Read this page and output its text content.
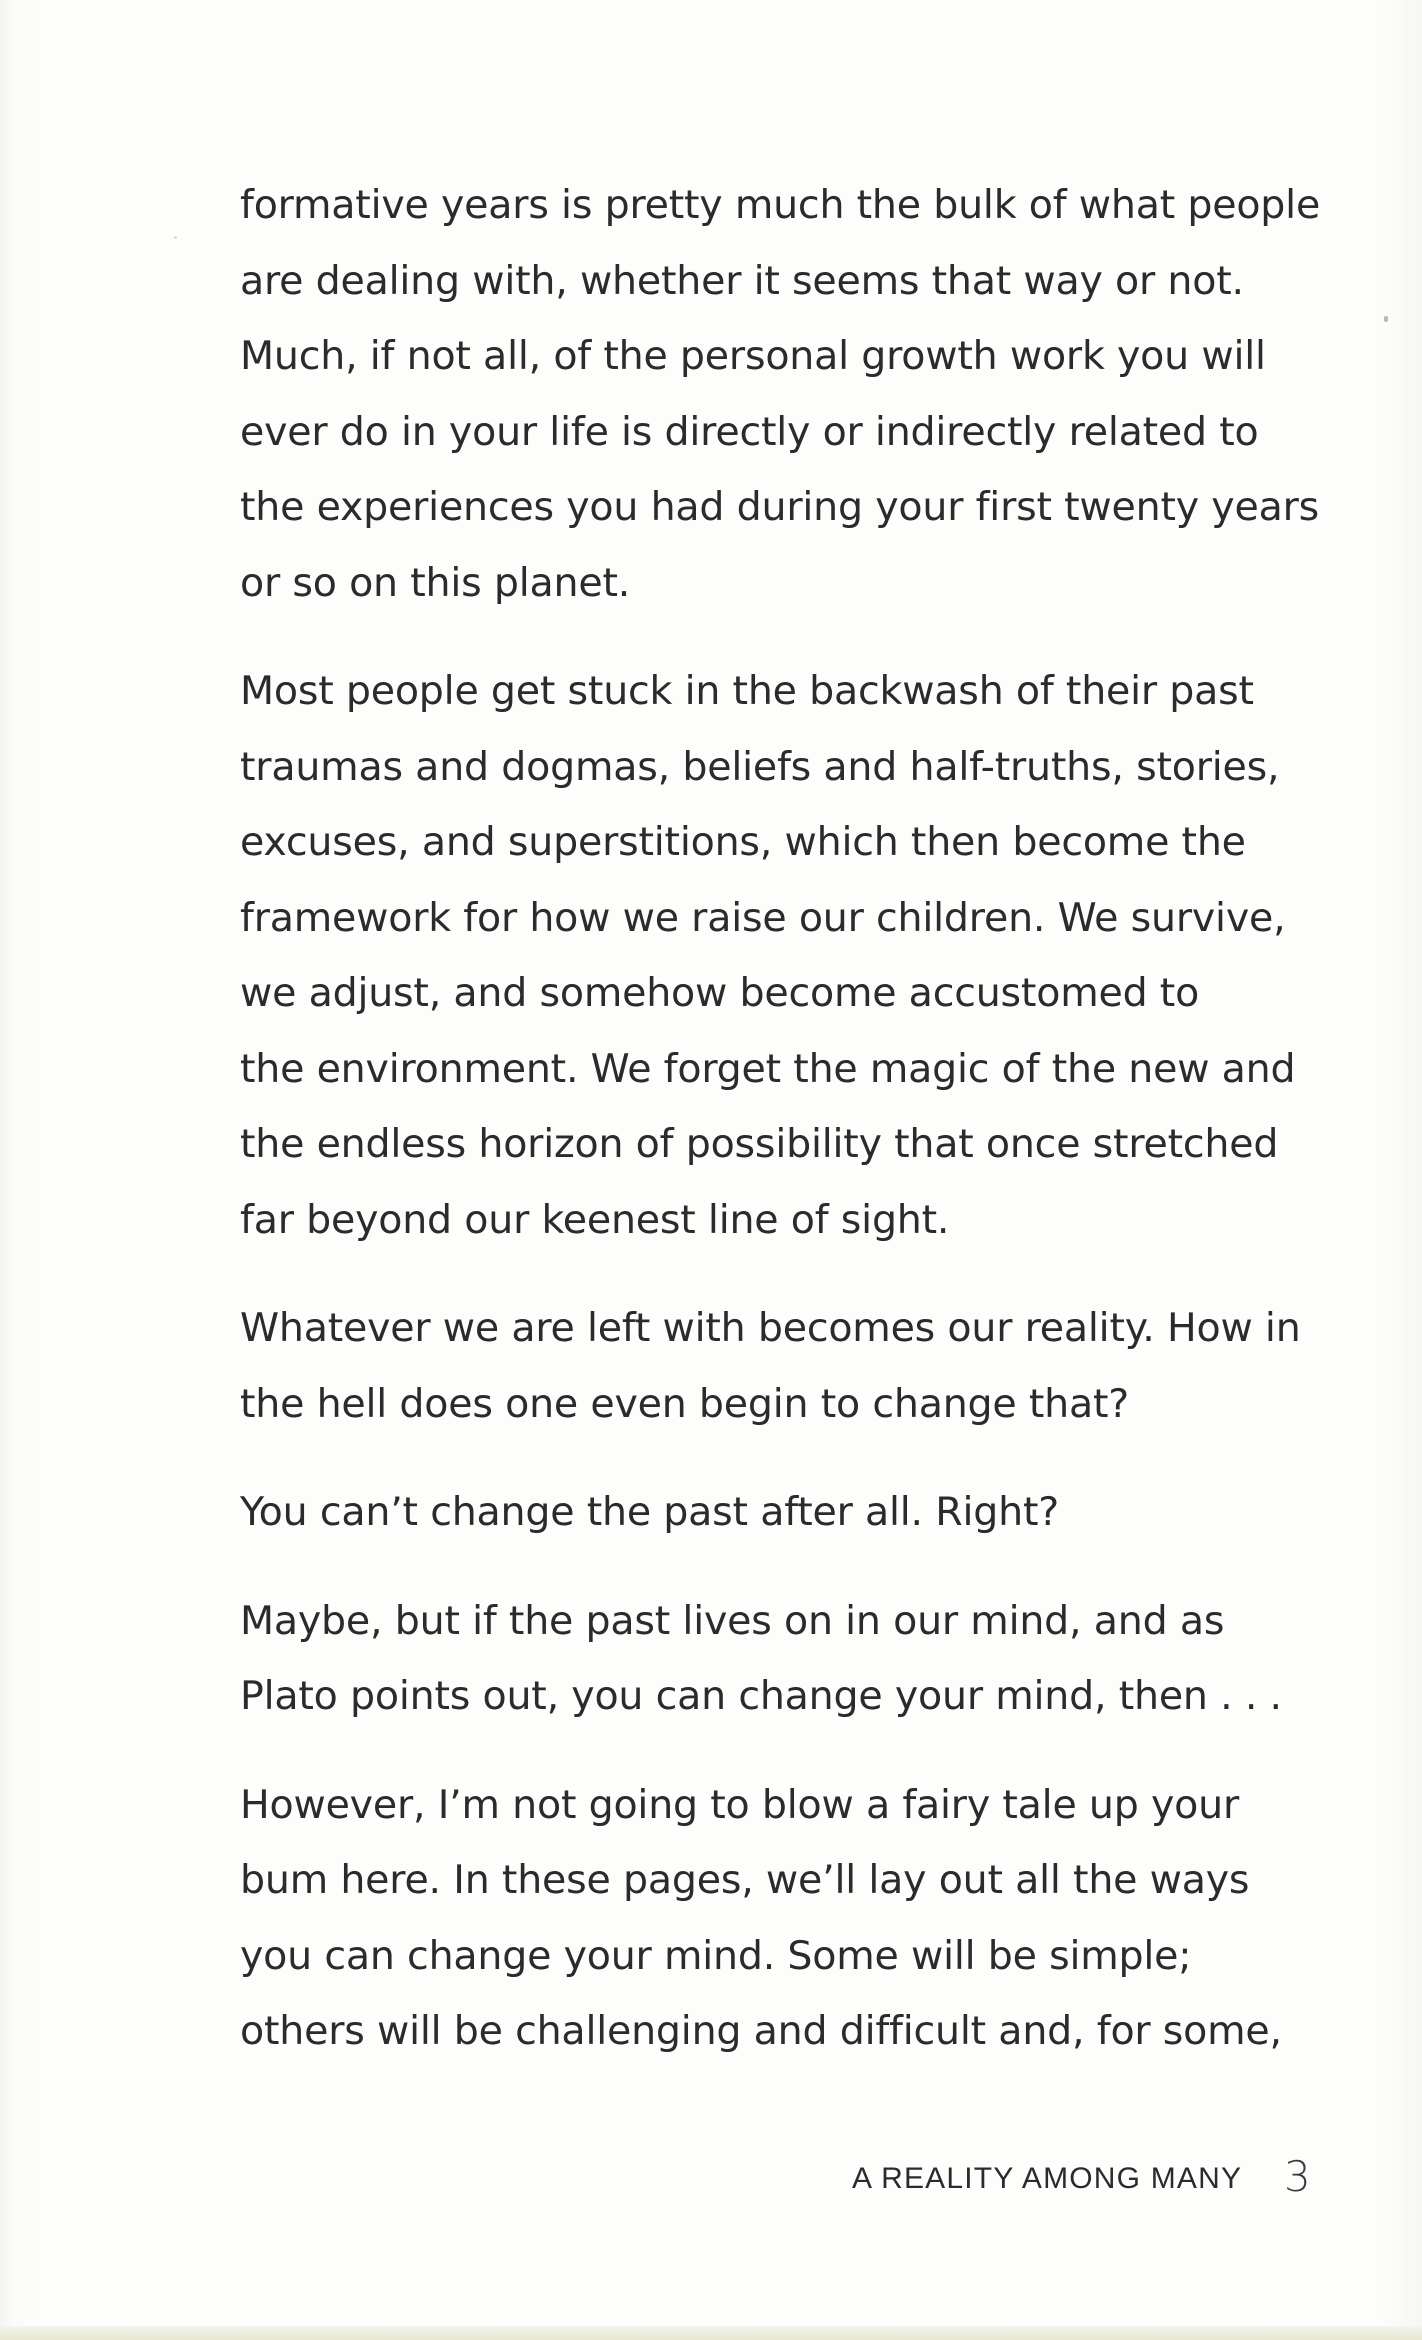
formative years is pretty much the bulk of what people
are dealing with, whether it seems that way or not.
Much, if not all, of the personal growth work you will
ever do in your life is directly or indirectly related to
the experiences you had during your first twenty years
or so on this planet.

Most people get stuck in the backwash of their past
traumas and dogmas, beliefs and half-truths, stories,
excuses, and superstitions, which then become the
framework for how we raise our children. We survive,
we adjust, and somehow become accustomed to
the environment. We forget the magic of the new and
the endless horizon of possibility that once stretched
far beyond our keenest line of sight.

Whatever we are left with becomes our reality. How in
the hell does one even begin to change that?

You can’t change the past after all. Right?

Maybe, but if the past lives on in our mind, and as
Plato points out, you can change your mind, then . . .

However, I’m not going to blow a fairy tale up your
bum here. In these pages, we’ll lay out all the ways
you can change your mind. Some will be simple;
others will be challenging and difficult and, for some,

A REALITY AMONG MANY 3
